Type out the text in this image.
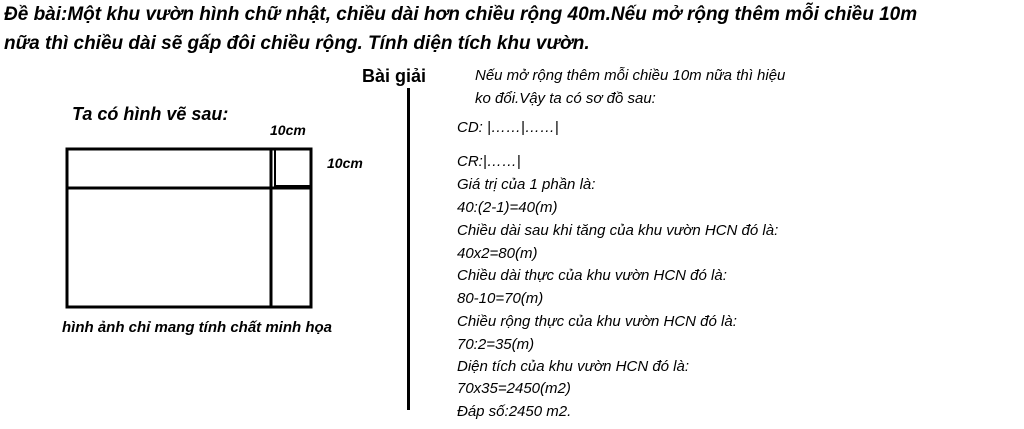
Đề bài:Một khu vườn hình chữ nhật, chiều dài hơn chiều rộng 40m.Nếu mở rộng thêm mỗi chiều 10m
nữa thì chiều dài sẽ gấp đôi chiều rộng. Tính diện tích khu vườn.
Bài giải
Ta có hình vẽ sau:
10cm
10cm
hình ảnh chỉ mang tính chất minh họa
Nếu mở rộng thêm mỗi chiều 10m nữa thì hiệu
ko đổi.Vậy ta có sơ đồ sau:
CD: |……|……|
CR:|……|
Giá trị của 1 phần là:
40:(2-1)=40(m)
Chiều dài sau khi tăng của khu vườn HCN đó là:
40x2=80(m)
Chiều dài thực của khu vườn HCN đó là:
80-10=70(m)
Chiều rộng thực của khu vườn HCN đó là:
70:2=35(m)
Diện tích của khu vườn HCN đó là:
70x35=2450(m2)
Đáp số:2450 m2.
